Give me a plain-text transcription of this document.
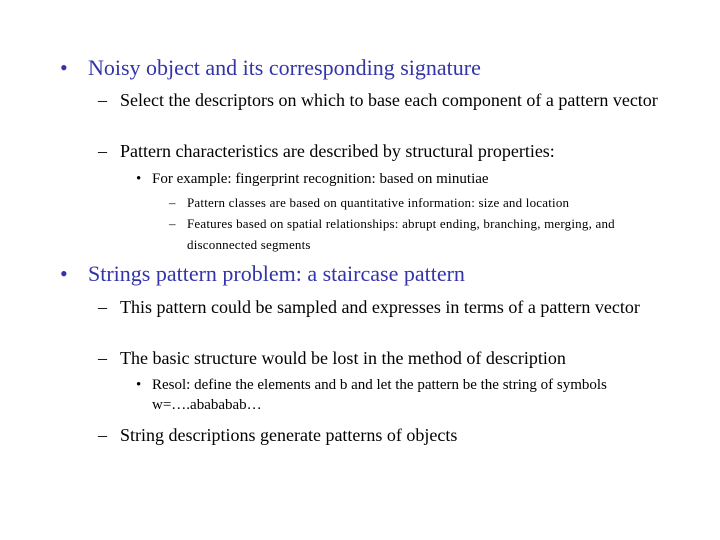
• Noisy object and its corresponding signature
– Select the descriptors on which to base each component of a pattern vector
– Pattern characteristics are described by structural properties:
• For example: fingerprint recognition: based on minutiae
– Pattern classes are based on quantitative information: size and location
– Features based on spatial relationships: abrupt ending, branching, merging, and disconnected segments
• Strings pattern problem: a staircase pattern
– This pattern could be sampled and expresses in terms of a pattern vector
– The basic structure would be lost in the method of description
• Resol: define the elements and b and let the pattern be the string of symbols w=….abababab…
– String descriptions generate patterns of objects
